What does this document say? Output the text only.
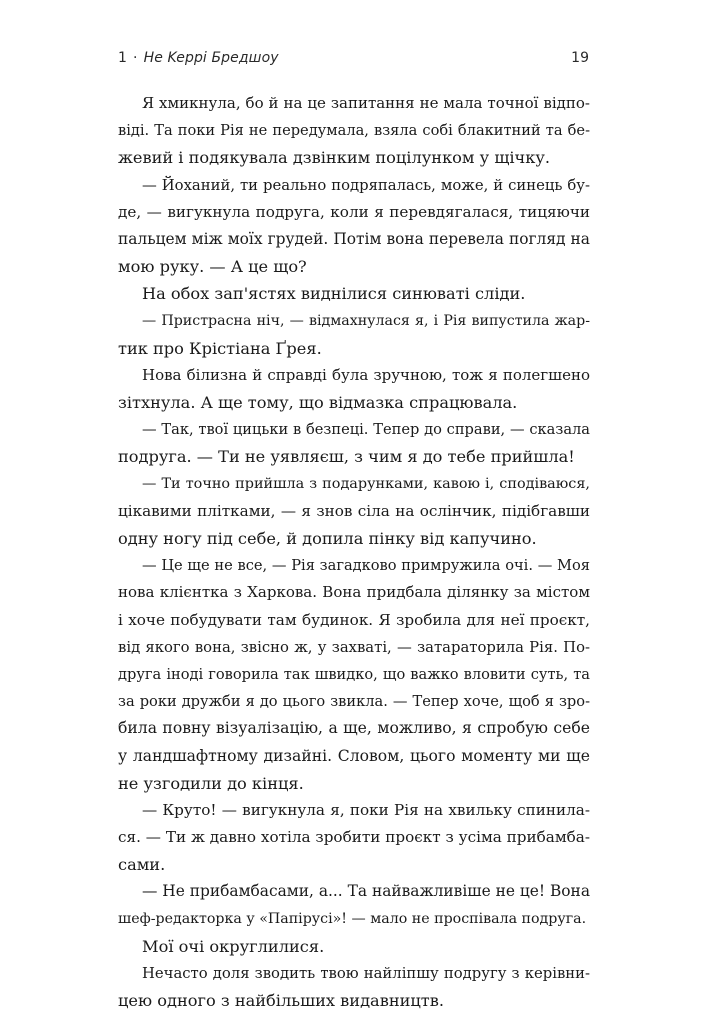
1 · Не Keppi Бредшоу	19
Я хмикнула, бо й на це запитання не мала точної відпо-
віді. Та поки Рія не передумала, взяла собі блакитний та бе-
жевий і подякувала дзвінким поцілунком у щічку.
— Йоханий, ти реально подряпалась, може, й синець бу-
де, — вигукнула подруга, коли я перевдягалася, тицяючи
пальцем між моїх грудей. Потім вона перевела погляд на
мою руку. — А це що?
На обох зап'ястях виднілися синюваті сліди.
— Пристрасна ніч, — відмахнулася я, і Рія випустила жар-
тик про Крістіана Ґрея.
Нова білизна й справді була зручною, тож я полегшено
зітхнула. А ще тому, що відмазка спрацювала.
— Так, твої цицьки в безпеці. Тепер до справи, — сказала
подруга. — Ти не уявляєш, з чим я до тебе прийшла!
— Ти точно прийшла з подарунками, кавою і, сподіваюся,
цікавими плітками, — я знов сіла на ослінчик, підібгавши
одну ногу під себе, й допила пінку від капучино.
— Це ще не все, — Рія загадково примружила очі. — Моя
нова клієнтка з Харкова. Вона придбала ділянку за містом
і хоче побудувати там будинок. Я зробила для неї проєкт,
від якого вона, звісно ж, у захваті, — затараторила Рія. По-
друга іноді говорила так швидко, що важко вловити суть, та
за роки дружби я до цього звикла. — Тепер хоче, щоб я зро-
била повну візуалізацію, а ще, можливо, я спробую себе
у ландшафтному дизайні. Словом, цього моменту ми ще
не узгодили до кінця.
— Круто! — вигукнула я, поки Рія на хвильку спинила-
ся. — Ти ж давно хотіла зробити проєкт з усіма прибамба-
сами.
— Не прибамбасами, а... Та найважливіше не це! Вона
шеф-редакторка у «Папірусі»! — мало не проспівала подруга.
Мої очі округлилися.
Нечасто доля зводить твою найліпшу подругу з керівни-
цею одного з найбільших видавництв.
